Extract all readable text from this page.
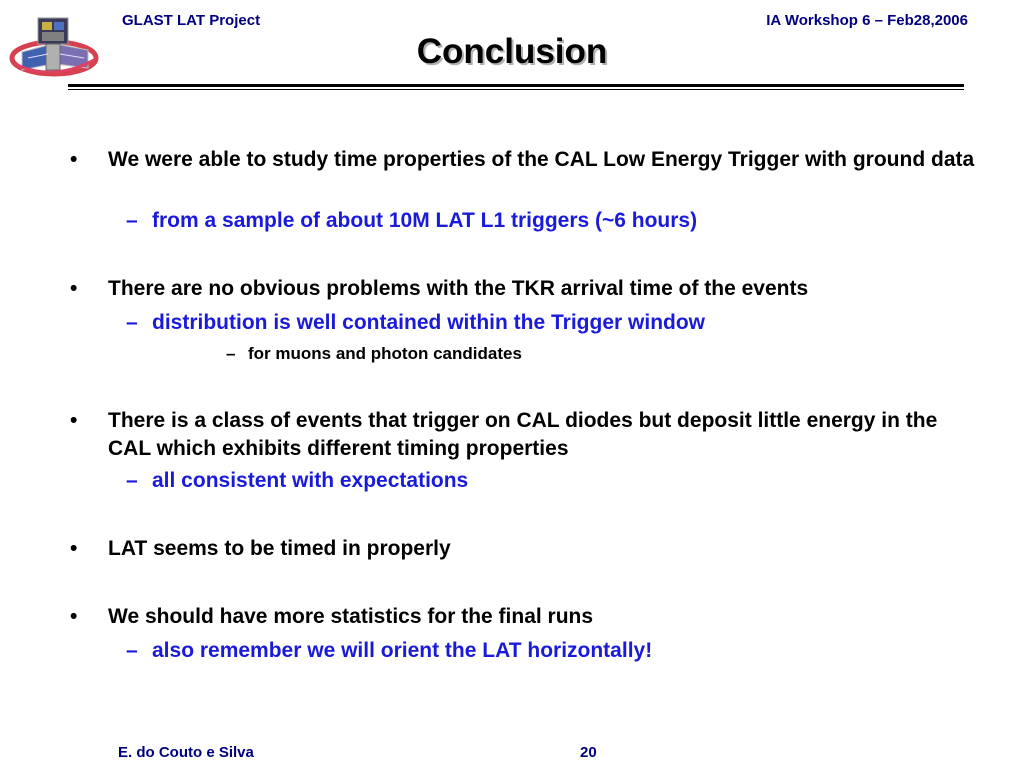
GLAST LAT Project	IA Workshop 6 – Feb28,2006
Conclusion
• We were able to study time properties of the CAL Low Energy Trigger with ground data
– from a sample of about 10M LAT L1 triggers (~6 hours)
• There are no obvious problems with the TKR arrival time of the events
– distribution is well contained within the Trigger window
– for muons and photon candidates
• There is a class of events that trigger on CAL diodes but deposit little energy in the CAL which exhibits different timing properties
– all consistent with expectations
• LAT seems to be timed in properly
• We should have more statistics for the final runs
– also remember we will orient the LAT horizontally!
E. do Couto e Silva	20
